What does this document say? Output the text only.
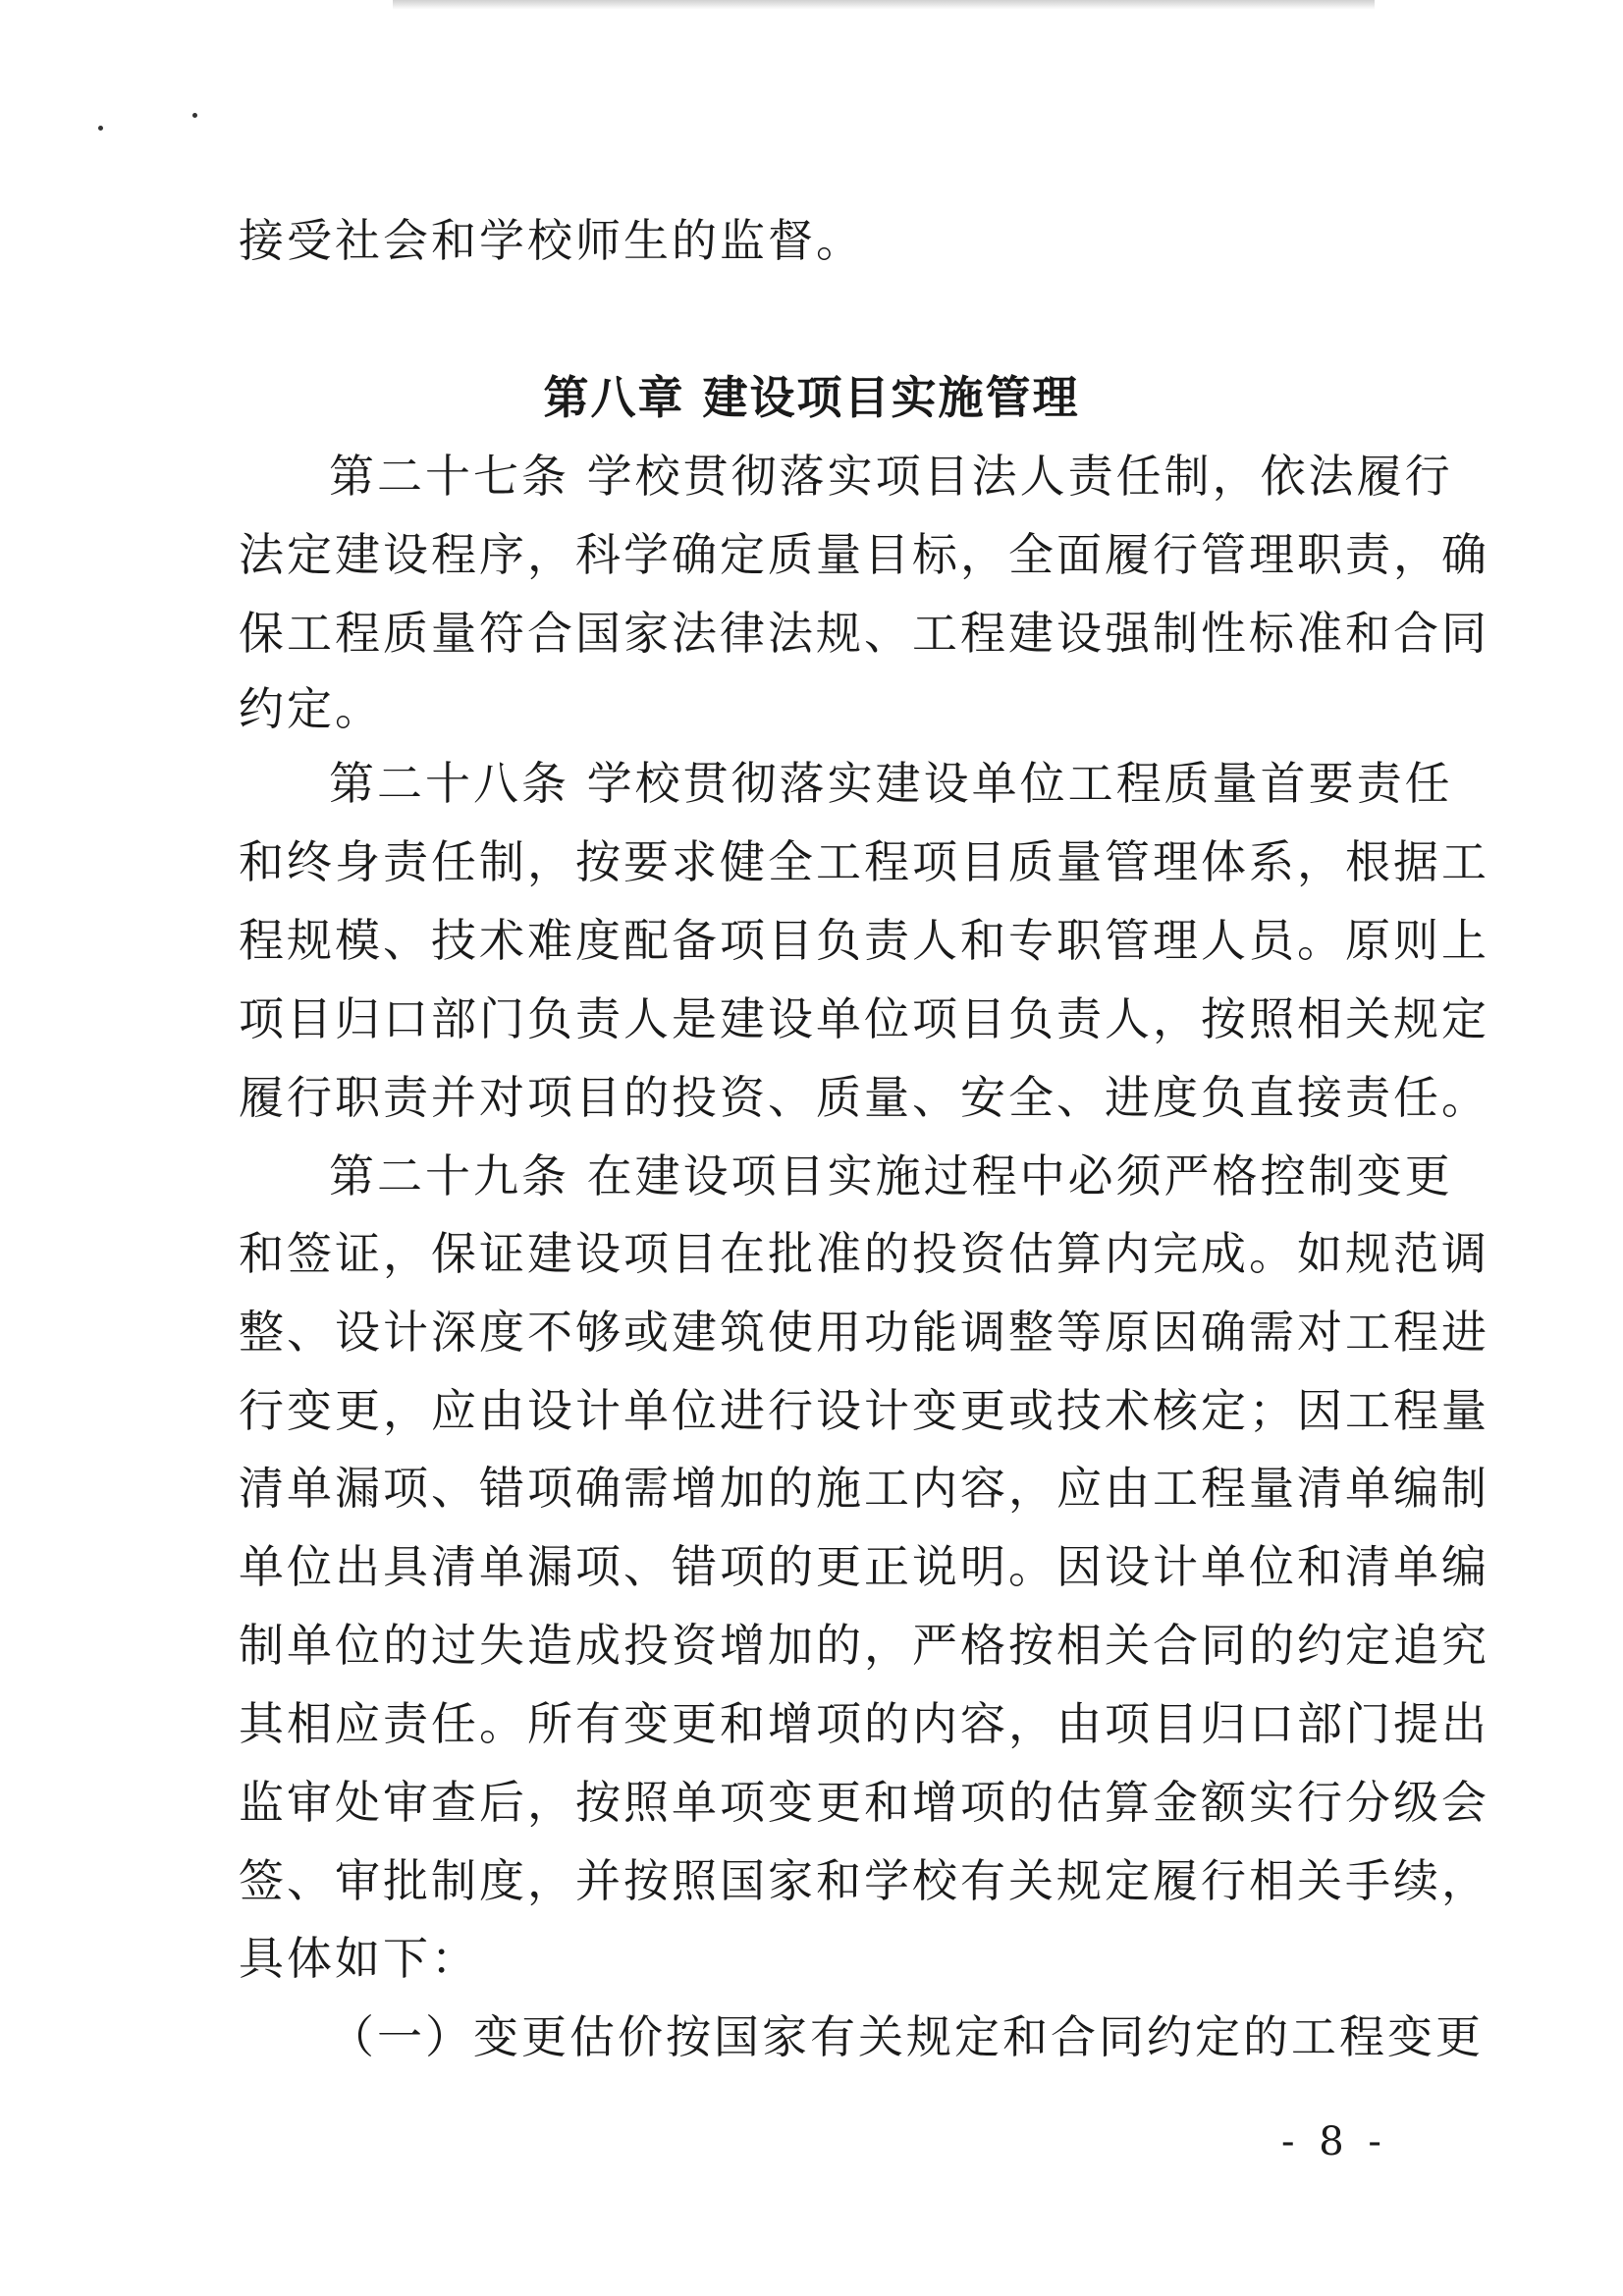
接受社会和学校师生的监督。
第八章 建设项目实施管理
第二十七条 学校贯彻落实项目法人责任制，依法履行
法定建设程序，科学确定质量目标，全面履行管理职责，确
保工程质量符合国家法律法规、工程建设强制性标准和合同
约定。
第二十八条 学校贯彻落实建设单位工程质量首要责任
和终身责任制，按要求健全工程项目质量管理体系，根据工
程规模、技术难度配备项目负责人和专职管理人员。原则上
项目归口部门负责人是建设单位项目负责人，按照相关规定
履行职责并对项目的投资、质量、安全、进度负直接责任。
第二十九条 在建设项目实施过程中必须严格控制变更
和签证，保证建设项目在批准的投资估算内完成。如规范调
整、设计深度不够或建筑使用功能调整等原因确需对工程进
行变更，应由设计单位进行设计变更或技术核定；因工程量
清单漏项、错项确需增加的施工内容，应由工程量清单编制
单位出具清单漏项、错项的更正说明。因设计单位和清单编
制单位的过失造成投资增加的，严格按相关合同的约定追究
其相应责任。所有变更和增项的内容，由项目归口部门提出
监审处审查后，按照单项变更和增项的估算金额实行分级会
签、审批制度，并按照国家和学校有关规定履行相关手续，
具体如下：
（一）变更估价按国家有关规定和合同约定的工程变更
- 8 -
